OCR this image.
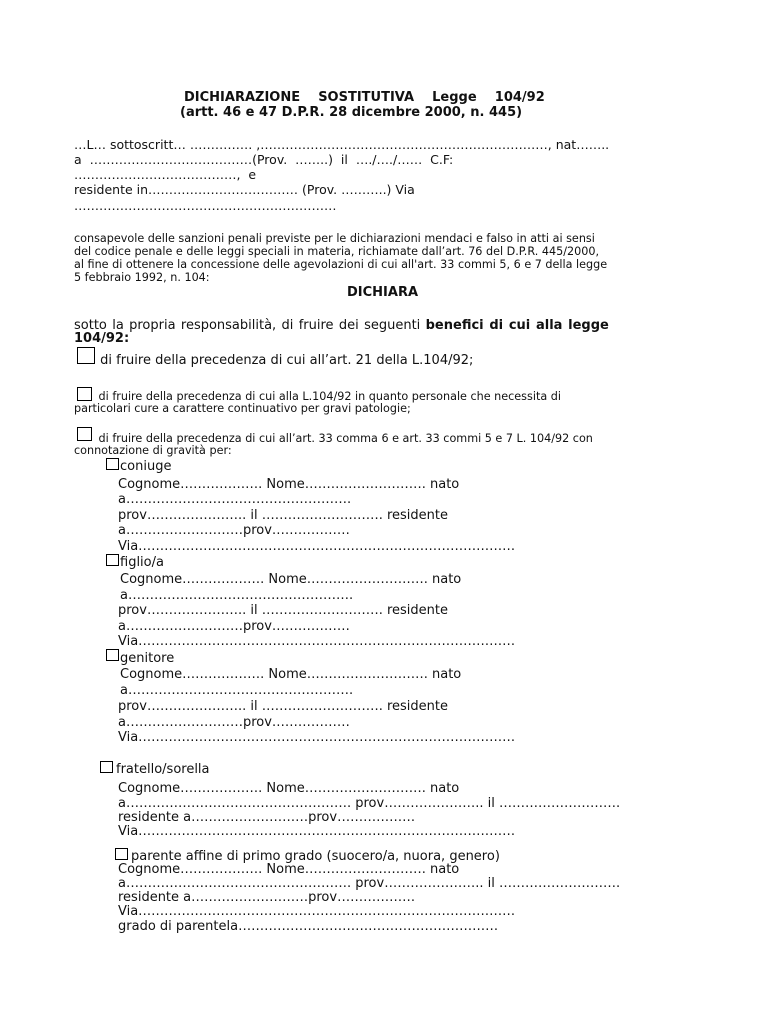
DICHIARAZIONE    SOSTITUTIVA    Legge    104/92
(artt. 46 e 47 D.P.R. 28 dicembre 2000, n. 445)
…L… sottoscritt… …………… ,……………………………………………………………, nat……..
a  …………………………………(Prov.  ……..)  il  …./…./……  C.F:
…………………………………,  e
residente in……………………………… (Prov. ………..) Via
………………………………………………………
consapevole delle sanzioni penali previste per le dichiarazioni mendaci e falso in atti ai sensi
del codice penale e delle leggi speciali in materia, richiamate dall’art. 76 del D.P.R. 445/2000,
al fine di ottenere la concessione delle agevolazioni di cui all'art. 33 commi 5, 6 e 7 della legge
5 febbraio 1992, n. 104:
DICHIARA
sotto la propria responsabilità, di fruire dei seguenti benefici di cui alla legge
104/92:
di fruire della precedenza di cui all’art. 21 della L.104/92;
di fruire della precedenza di cui alla L.104/92 in quanto personale che necessita di
particolari cure a carattere continuativo per gravi patologie;
di fruire della precedenza di cui all’art. 33 comma 6 e art. 33 commi 5 e 7 L. 104/92 con
connotazione di gravità per:
coniuge
Cognome………………. Nome………………………. nato
a…………………………………………….
prov………………….. il ………………………. residente
a………………………prov………………
Via……………………………………………………………………………
figlio/a
Cognome………………. Nome………………………. nato
a…………………………………………….
prov………………….. il ………………………. residente
a………………………prov………………
Via……………………………………………………………………………
genitore
Cognome………………. Nome………………………. nato
a…………………………………………….
prov………………….. il ………………………. residente
a………………………prov………………
Via……………………………………………………………………………
fratello/sorella
Cognome………………. Nome………………………. nato
a……………………………………………. prov………………….. il ……………………….
residente a………………………prov………………
Via……………………………………………………………………………
parente affine di primo grado (suocero/a, nuora, genero)
Cognome………………. Nome………………………. nato
a……………………………………………. prov………………….. il ……………………….
residente a………………………prov………………
Via……………………………………………………………………………
grado di parentela……………………………………………………
